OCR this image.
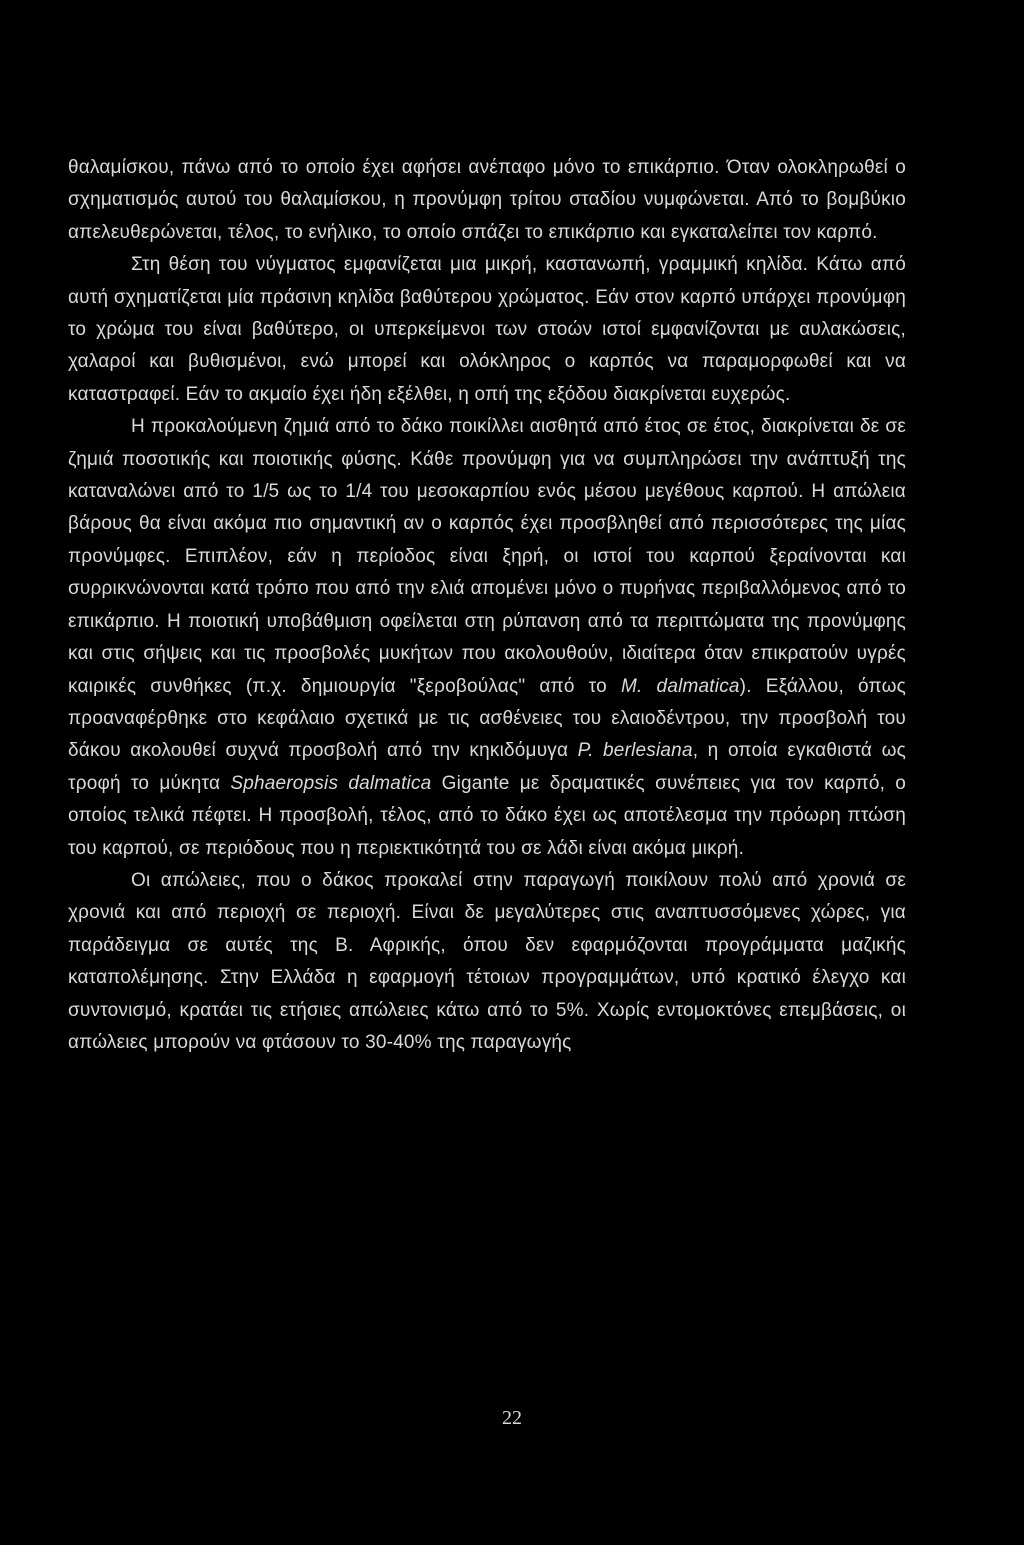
θαλαμίσκου, πάνω από το οποίο έχει αφήσει ανέπαφο μόνο το επικάρπιο. Όταν ολοκληρωθεί ο σχηματισμός αυτού του θαλαμίσκου, η προνύμφη τρίτου σταδίου νυμφώνεται. Από το βομβύκιο απελευθερώνεται, τέλος, το ενήλικο, το οποίο σπάζει το επικάρπιο και εγκαταλείπει τον καρπό.

Στη θέση του νύγματος εμφανίζεται μια μικρή, καστανωπή, γραμμική κηλίδα. Κάτω από αυτή σχηματίζεται μία πράσινη κηλίδα βαθύτερου χρώματος. Εάν στον καρπό υπάρχει προνύμφη το χρώμα του είναι βαθύτερο, οι υπερκείμενοι των στοών ιστοί εμφανίζονται με αυλακώσεις, χαλαροί και βυθισμένοι, ενώ μπορεί και ολόκληρος ο καρπός να παραμορφωθεί και να καταστραφεί. Εάν το ακμαίο έχει ήδη εξέλθει, η οπή της εξόδου διακρίνεται ευχερώς.

Η προκαλούμενη ζημιά από το δάκο ποικίλλει αισθητά από έτος σε έτος, διακρίνεται δε σε ζημιά ποσοτικής και ποιοτικής φύσης. Κάθε προνύμφη για να συμπληρώσει την ανάπτυξή της καταναλώνει από το 1/5 ως το 1/4 του μεσοκαρπίου ενός μέσου μεγέθους καρπού. Η απώλεια βάρους θα είναι ακόμα πιο σημαντική αν ο καρπός έχει προσβληθεί από περισσότερες της μίας προνύμφες. Επιπλέον, εάν η περίοδος είναι ξηρή, οι ιστοί του καρπού ξεραίνονται και συρρικνώνονται κατά τρόπο που από την ελιά απομένει μόνο ο πυρήνας περιβαλλόμενος από το επικάρπιο. Η ποιοτική υποβάθμιση οφείλεται στη ρύπανση από τα περιττώματα της προνύμφης και στις σήψεις και τις προσβολές μυκήτων που ακολουθούν, ιδιαίτερα όταν επικρατούν υγρές καιρικές συνθήκες (π.χ. δημιουργία "ξεροβούλας" από το M. dalmatica). Εξάλλου, όπως προαναφέρθηκε στο κεφάλαιο σχετικά με τις ασθένειες του ελαιοδέντρου, την προσβολή του δάκου ακολουθεί συχνά προσβολή από την κηκιδόμυγα P. berlesiana, η οποία εγκαθιστά ως τροφή το μύκητα Sphaeropsis dalmatica Gigante με δραματικές συνέπειες για τον καρπό, ο οποίος τελικά πέφτει. Η προσβολή, τέλος, από το δάκο έχει ως αποτέλεσμα την πρόωρη πτώση του καρπού, σε περιόδους που η περιεκτικότητά του σε λάδι είναι ακόμα μικρή.

Οι απώλειες, που ο δάκος προκαλεί στην παραγωγή ποικίλουν πολύ από χρονιά σε χρονιά και από περιοχή σε περιοχή. Είναι δε μεγαλύτερες στις αναπτυσσόμενες χώρες, για παράδειγμα σε αυτές της Β. Αφρικής, όπου δεν εφαρμόζονται προγράμματα μαζικής καταπολέμησης. Στην Ελλάδα η εφαρμογή τέτοιων προγραμμάτων, υπό κρατικό έλεγχο και συντονισμό, κρατάει τις ετήσιες απώλειες κάτω από το 5%. Χωρίς εντομοκτόνες επεμβάσεις, οι απώλειες μπορούν να φτάσουν το 30-40% της παραγωγής

22
